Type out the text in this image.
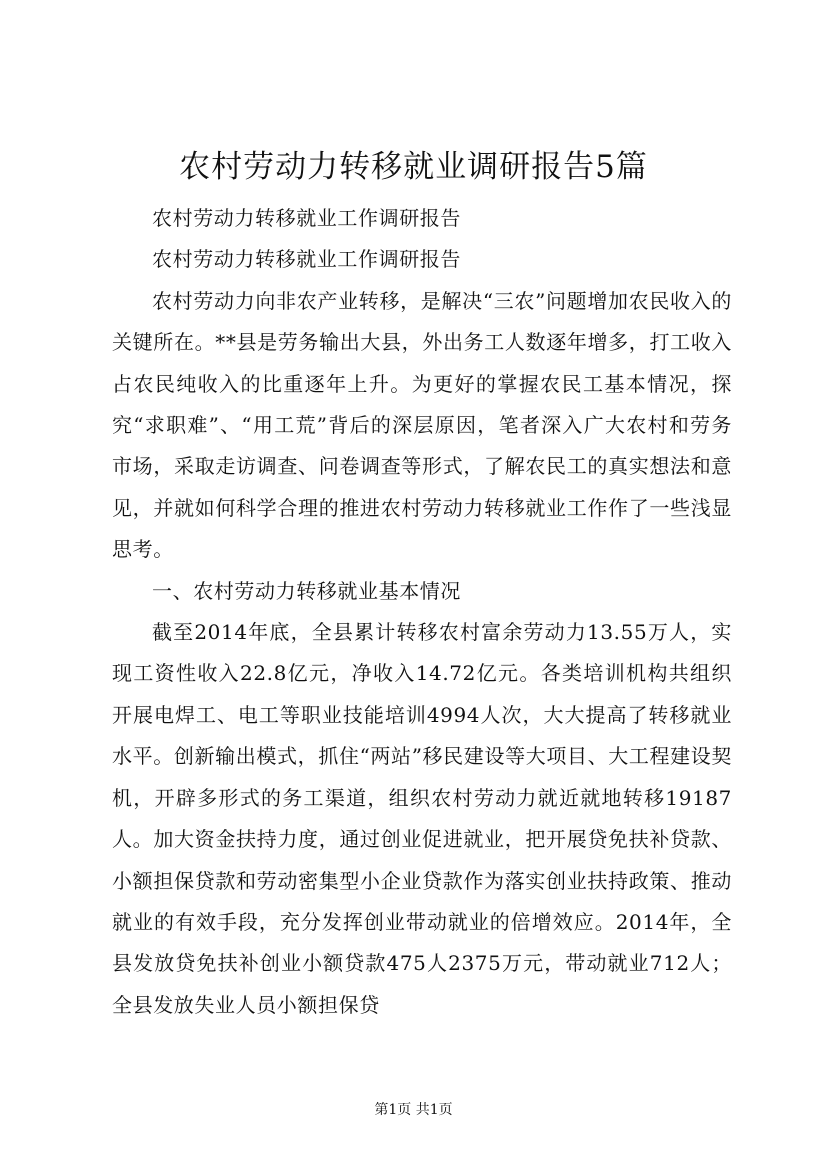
农村劳动力转移就业调研报告5篇

农村劳动力转移就业工作调研报告

农村劳动力转移就业工作调研报告

农村劳动力向非农产业转移，是解决“三农”问题增加农民收入的关键所在。**县是劳务输出大县，外出务工人数逐年增多，打工收入占农民纯收入的比重逐年上升。为更好的掌握农民工基本情况，探究“求职难”、“用工荒”背后的深层原因，笔者深入广大农村和劳务市场，采取走访调查、问卷调查等形式，了解农民工的真实想法和意见，并就如何科学合理的推进农村劳动力转移就业工作作了一些浅显思考。

一、农村劳动力转移就业基本情况

截至2014年底，全县累计转移农村富余劳动力13.55万人，实现工资性收入22.8亿元，净收入14.72亿元。各类培训机构共组织开展电焊工、电工等职业技能培训4994人次，大大提高了转移就业水平。创新输出模式，抓住“两站”移民建设等大项目、大工程建设契机，开辟多形式的务工渠道，组织农村劳动力就近就地转移19187人。加大资金扶持力度，通过创业促进就业，把开展贷免扶补贷款、小额担保贷款和劳动密集型小企业贷款作为落实创业扶持政策、推动就业的有效手段，充分发挥创业带动就业的倍增效应。2014年，全县发放贷免扶补创业小额贷款475人2375万元，带动就业712人；全县发放失业人员小额担保贷

第1页 共1页
